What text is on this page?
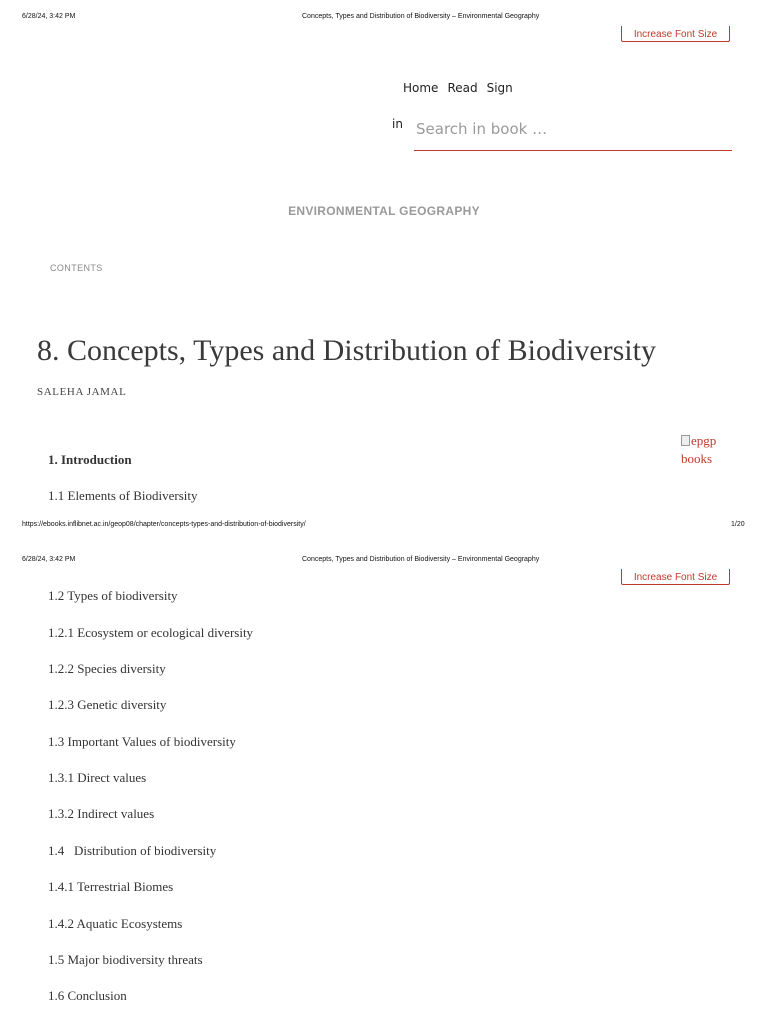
6/28/24, 3:42 PM	Concepts, Types and Distribution of Biodiversity – Environmental Geography
Increase Font Size
Home Read Sign
in
Search in book …
ENVIRONMENTAL GEOGRAPHY
CONTENTS
8. Concepts, Types and Distribution of Biodiversity
SALEHA JAMAL
epgp
books
1. Introduction
1.1 Elements of Biodiversity
https://ebooks.inflibnet.ac.in/geop08/chapter/concepts-types-and-distribution-of-biodiversity/	1/20
6/28/24, 3:42 PM	Concepts, Types and Distribution of Biodiversity – Environmental Geography
Increase Font Size
1.2 Types of biodiversity
1.2.1 Ecosystem or ecological diversity
1.2.2 Species diversity
1.2.3 Genetic diversity
1.3 Important Values of biodiversity
1.3.1 Direct values
1.3.2 Indirect values
1.4   Distribution of biodiversity
1.4.1 Terrestrial Biomes
1.4.2 Aquatic Ecosystems
1.5 Major biodiversity threats
1.6 Conclusion
